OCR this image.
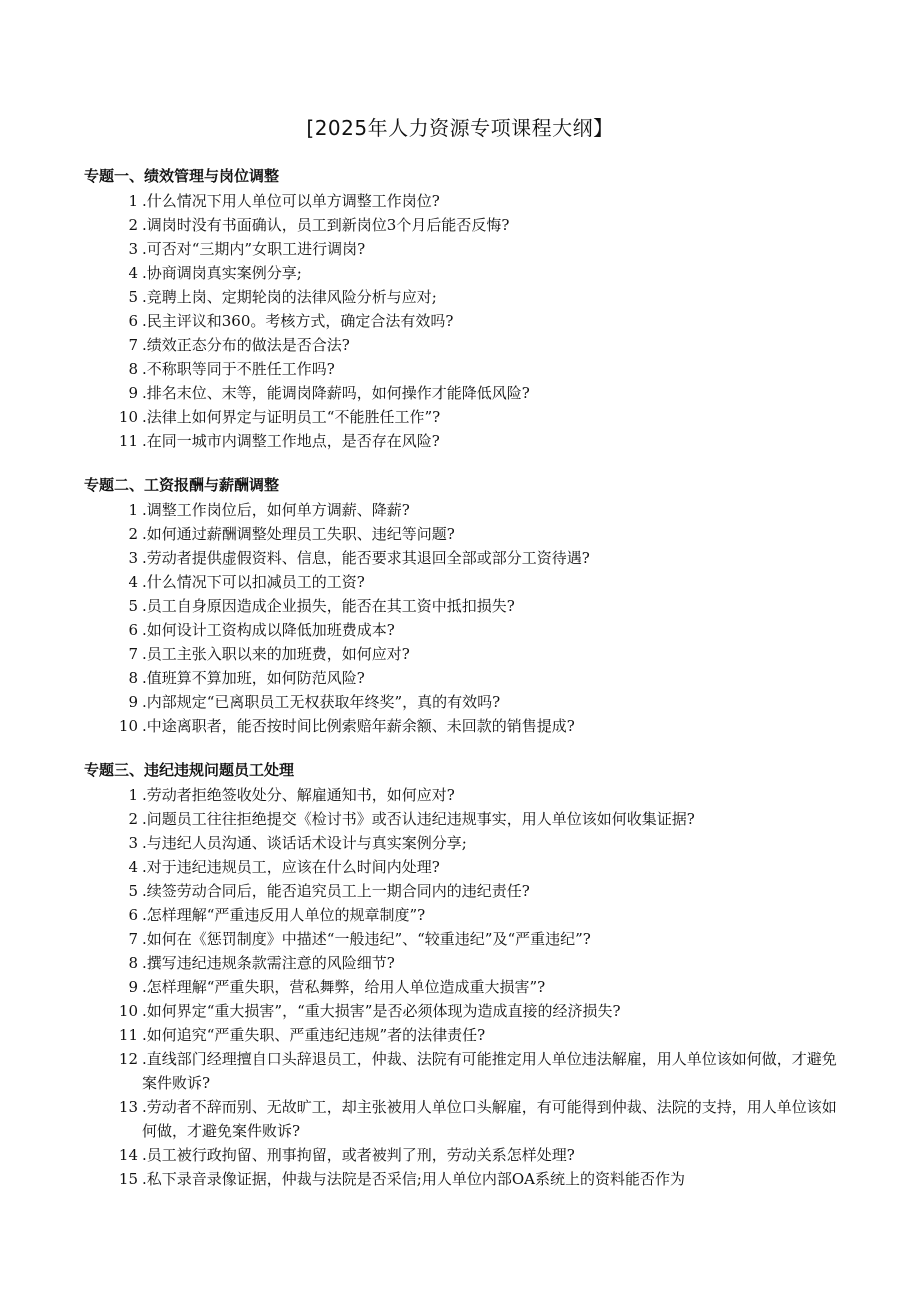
[2025年人力资源专项课程大纲】
专题一、绩效管理与岗位调整
1 .什么情况下用人单位可以单方调整工作岗位?
2 .调岗时没有书面确认，员工到新岗位3个月后能否反悔?
3 .可否对“三期内”女职工进行调岗?
4 .协商调岗真实案例分享;
5 .竞聘上岗、定期轮岗的法律风险分析与应对;
6 .民主评议和360。考核方式，确定合法有效吗?
7 .绩效正态分布的做法是否合法?
8 .不称职等同于不胜任工作吗?
9 .排名末位、末等，能调岗降薪吗，如何操作才能降低风险?
10 .法律上如何界定与证明员工“不能胜任工作”?
11 .在同一城市内调整工作地点，是否存在风险?
专题二、工资报酬与薪酬调整
1 .调整工作岗位后，如何单方调薪、降薪?
2 .如何通过薪酬调整处理员工失职、违纪等问题?
3 .劳动者提供虚假资料、信息，能否要求其退回全部或部分工资待遇?
4 .什么情况下可以扣减员工的工资?
5 .员工自身原因造成企业损失，能否在其工资中抵扣损失?
6 .如何设计工资构成以降低加班费成本?
7 .员工主张入职以来的加班费，如何应对?
8 .值班算不算加班，如何防范风险?
9 .内部规定“已离职员工无权获取年终奖”，真的有效吗?
10 .中途离职者，能否按时间比例索赔年薪余额、未回款的销售提成?
专题三、违纪违规问题员工处理
1 .劳动者拒绝签收处分、解雇通知书，如何应对?
2 .问题员工往往拒绝提交《检讨书》或否认违纪违规事实，用人单位该如何收集证据?
3 .与违纪人员沟通、谈话话术设计与真实案例分享;
4 .对于违纪违规员工，应该在什么时间内处理?
5 .续签劳动合同后，能否追究员工上一期合同内的违纪责任?
6 .怎样理解“严重违反用人单位的规章制度”?
7 .如何在《惩罚制度》中描述“一般违纪”、“较重违纪”及“严重违纪”?
8 .撰写违纪违规条款需注意的风险细节?
9 .怎样理解“严重失职，营私舞弊，给用人单位造成重大损害”?
10 .如何界定“重大损害”，“重大损害”是否必须体现为造成直接的经济损失?
11 .如何追究“严重失职、严重违纪违规”者的法律责任?
12 .直线部门经理擅自口头辞退员工，仲裁、法院有可能推定用人单位违法解雇，用人单位该如何做，才避免案件败诉?
13 .劳动者不辞而别、无故旷工，却主张被用人单位口头解雇，有可能得到仲裁、法院的支持，用人单位该如何做，才避免案件败诉?
14 .员工被行政拘留、刑事拘留，或者被判了刑，劳动关系怎样处理?
15 .私下录音录像证据，仲裁与法院是否采信;用人单位内部OA系统上的资料能否作为
